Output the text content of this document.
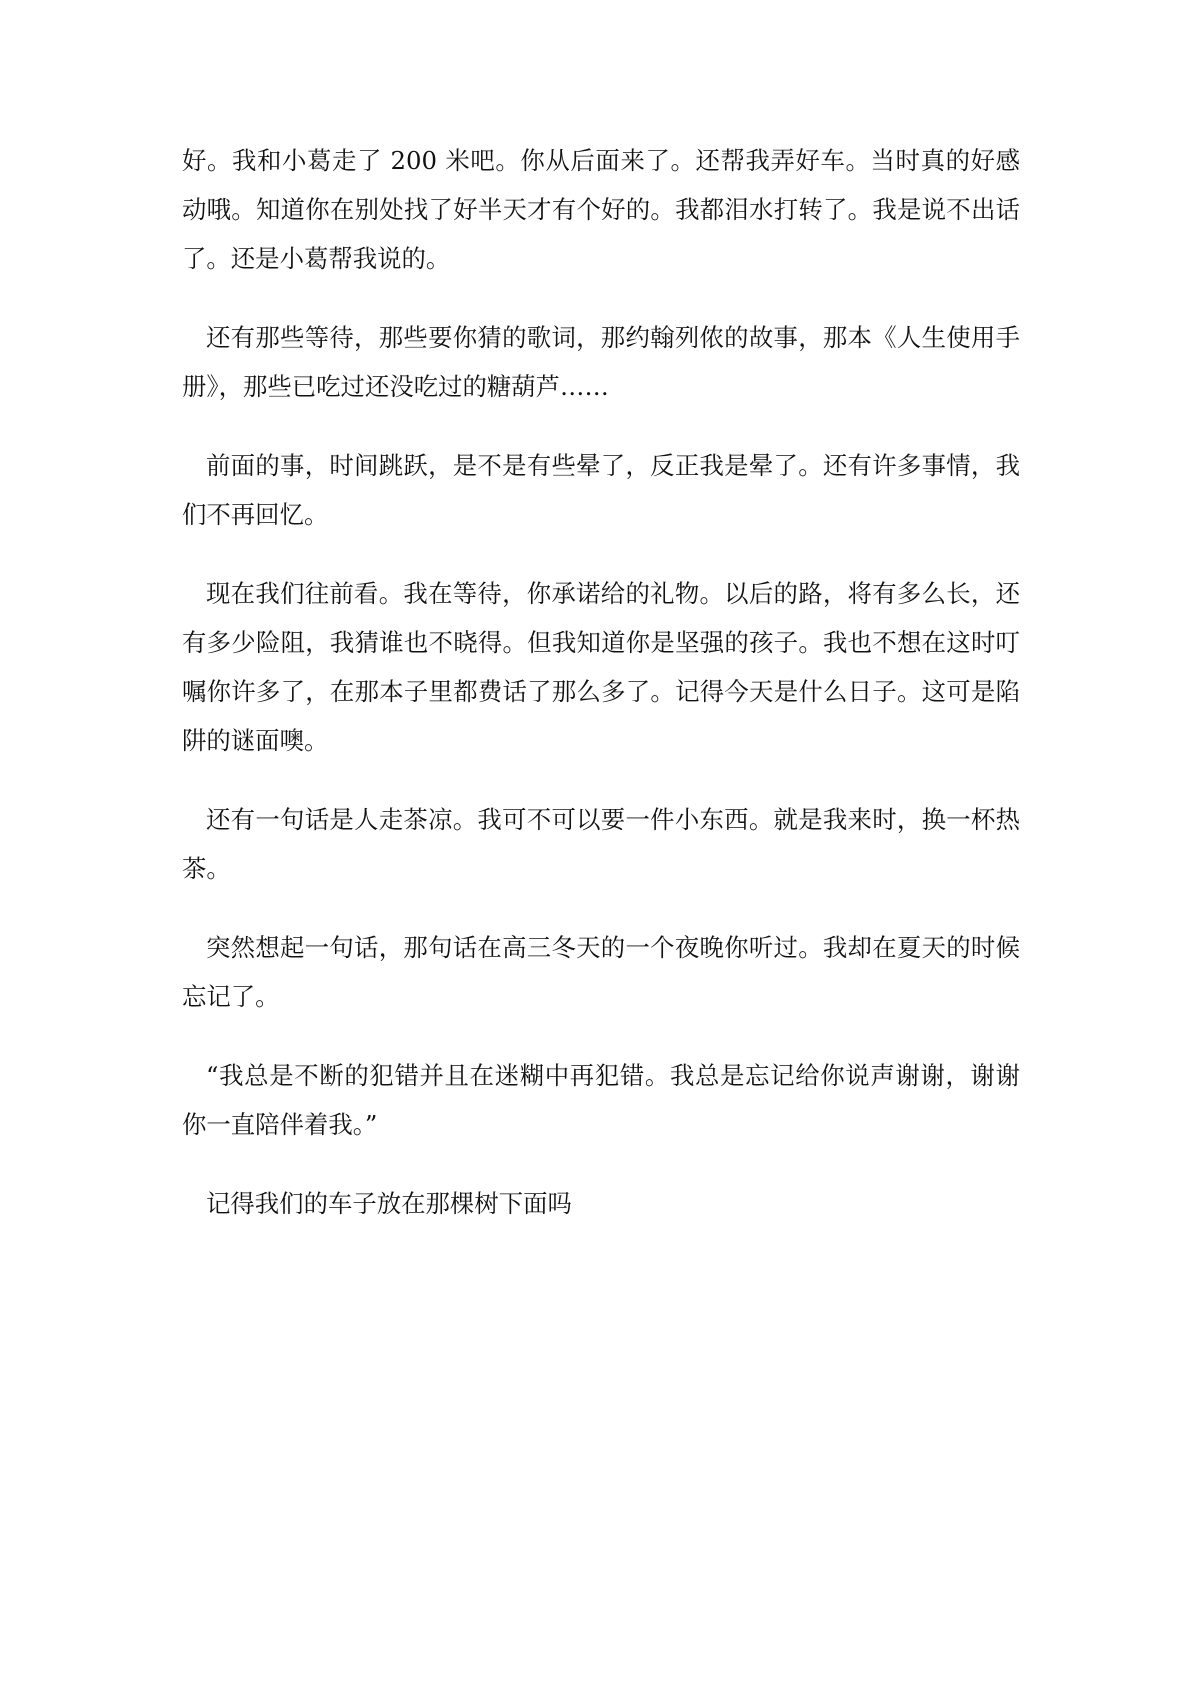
好。我和小葛走了 200 米吧。你从后面来了。还帮我弄好车。当时真的好感动哦。知道你在别处找了好半天才有个好的。我都泪水打转了。我是说不出话了。还是小葛帮我说的。

还有那些等待，那些要你猜的歌词，那约翰列侬的故事，那本《人生使用手册》，那些已吃过还没吃过的糖葫芦……

前面的事，时间跳跃，是不是有些晕了，反正我是晕了。还有许多事情，我们不再回忆。

现在我们往前看。我在等待，你承诺给的礼物。以后的路，将有多么长，还有多少险阻，我猜谁也不晓得。但我知道你是坚强的孩子。我也不想在这时叮嘱你许多了，在那本子里都费话了那么多了。记得今天是什么日子。这可是陷阱的谜面噢。

还有一句话是人走茶凉。我可不可以要一件小东西。就是我来时，换一杯热茶。

突然想起一句话，那句话在高三冬天的一个夜晚你听过。我却在夏天的时候忘记了。

“我总是不断的犯错并且在迷糊中再犯错。我总是忘记给你说声谢谢，谢谢你一直陪伴着我。”

记得我们的车子放在那棵树下面吗
